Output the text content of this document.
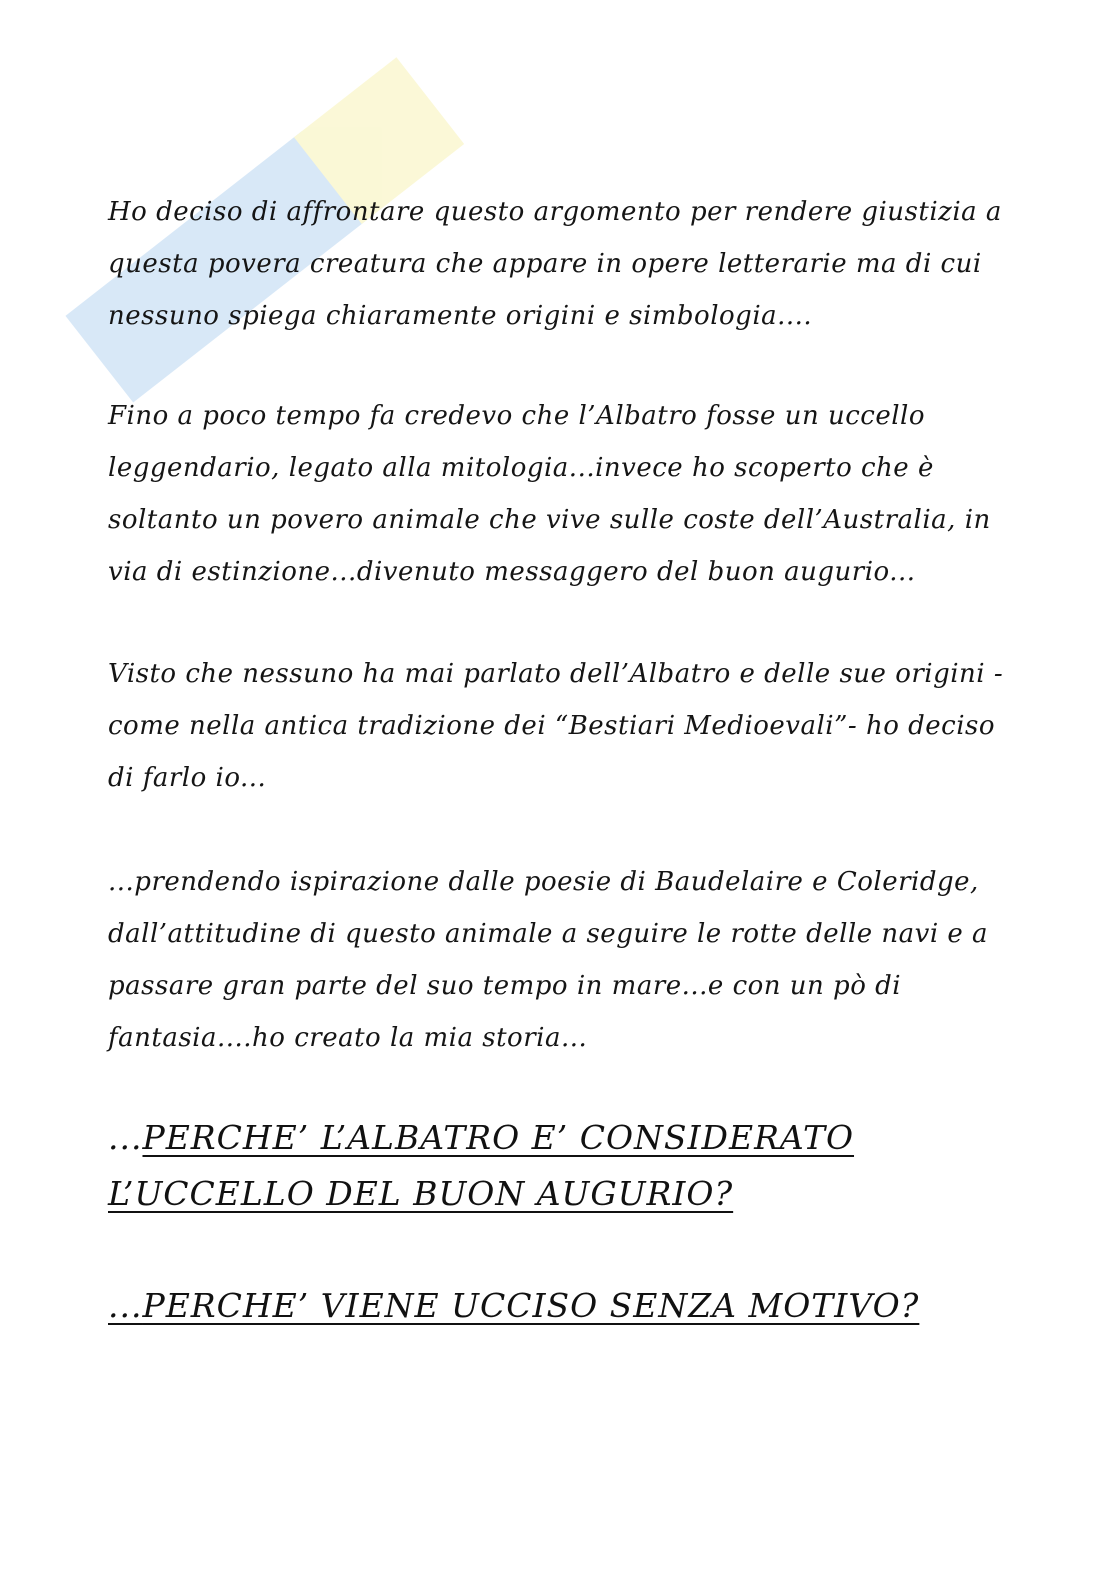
Ho deciso di affrontare questo argomento per rendere giustizia a questa povera creatura che appare in opere letterarie ma di cui nessuno spiega chiaramente origini e simbologia....

Fino a poco tempo fa credevo che l’Albatro fosse un uccello leggendario, legato alla mitologia...invece ho scoperto che è soltanto un povero animale che vive sulle coste dell’Australia, in via di estinzione...divenuto messaggero del buon augurio...

Visto che nessuno ha mai parlato dell’Albatro e delle sue origini - come nella antica tradizione dei “Bestiari Medioevali”- ho deciso di farlo io...

...prendendo ispirazione dalle poesie di Baudelaire e Coleridge, dall’attitudine di questo animale a seguire le rotte delle navi e a passare gran parte del suo tempo in mare...e con un pò di fantasia....ho creato la mia storia...

...PERCHE’ L’ALBATRO E’ CONSIDERATO L’UCCELLO DEL BUON AUGURIO?

...PERCHE’ VIENE UCCISO SENZA MOTIVO?
